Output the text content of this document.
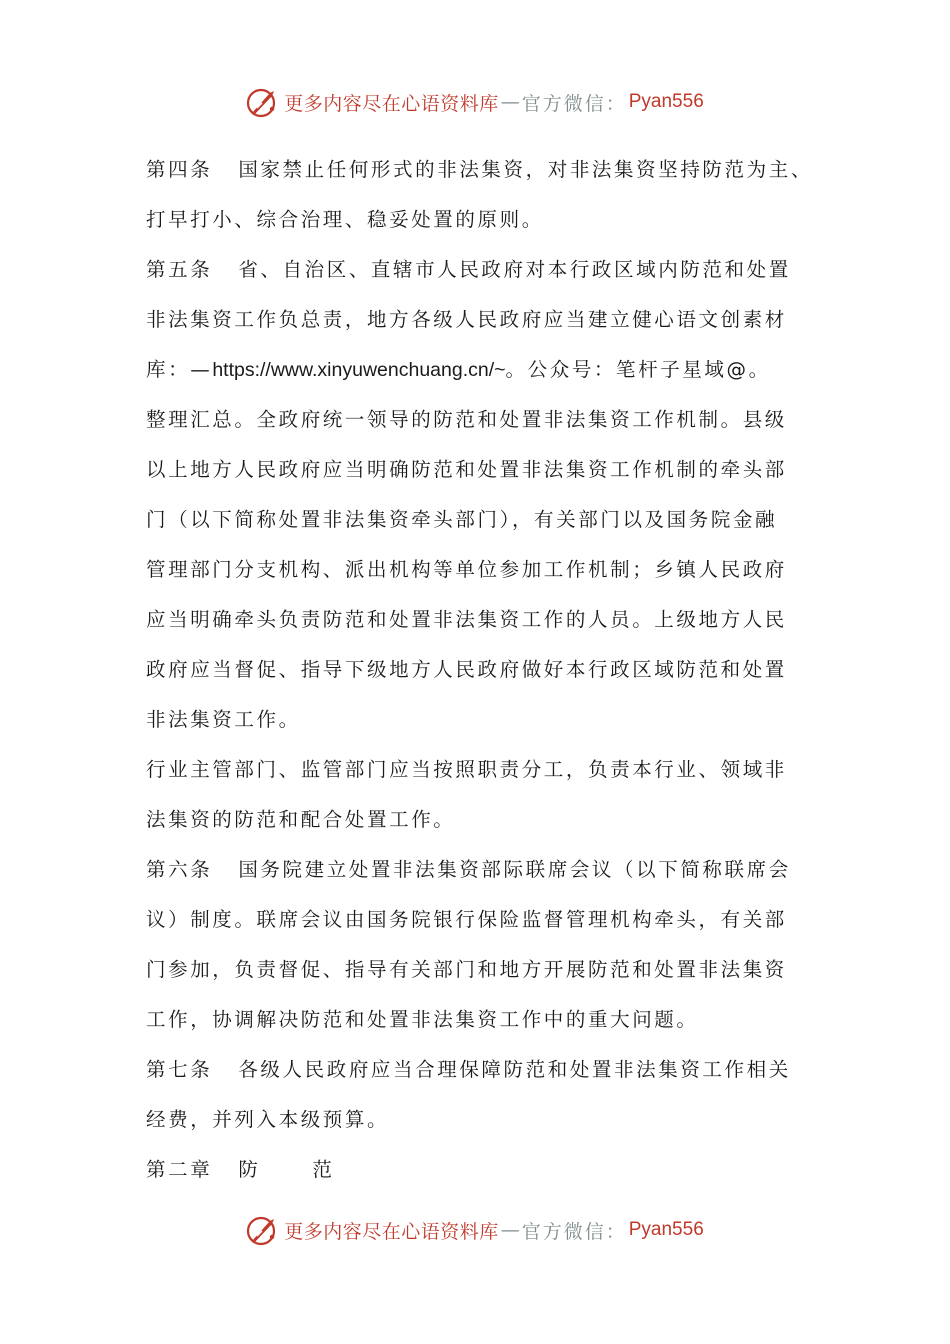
更多内容尽在心语资料库 — 官方微信： Pyan556
第四条 国家禁止任何形式的非法集资，对非法集资坚持防范为主、
打早打小、综合治理、稳妥处置的原则。
第五条 省、自治区、直辖市人民政府对本行政区域内防范和处置
非法集资工作负总责，地方各级人民政府应当建立健心语文创素材
库：—https://www.xinyuwenchuang.cn/~。公众号：笔杆子星域@。
整理汇总。全政府统一领导的防范和处置非法集资工作机制。县级
以上地方人民政府应当明确防范和处置非法集资工作机制的牵头部
门（以下简称处置非法集资牵头部门），有关部门以及国务院金融
管理部门分支机构、派出机构等单位参加工作机制；乡镇人民政府
应当明确牵头负责防范和处置非法集资工作的人员。上级地方人民
政府应当督促、指导下级地方人民政府做好本行政区域防范和处置
非法集资工作。
行业主管部门、监管部门应当按照职责分工，负责本行业、领域非
法集资的防范和配合处置工作。
第六条 国务院建立处置非法集资部际联席会议（以下简称联席会
议）制度。联席会议由国务院银行保险监督管理机构牵头，有关部
门参加，负责督促、指导有关部门和地方开展防范和处置非法集资
工作，协调解决防范和处置非法集资工作中的重大问题。
第七条 各级人民政府应当合理保障防范和处置非法集资工作相关
经费，并列入本级预算。
第二章 防	范
更多内容尽在心语资料库 — 官方微信： Pyan556
